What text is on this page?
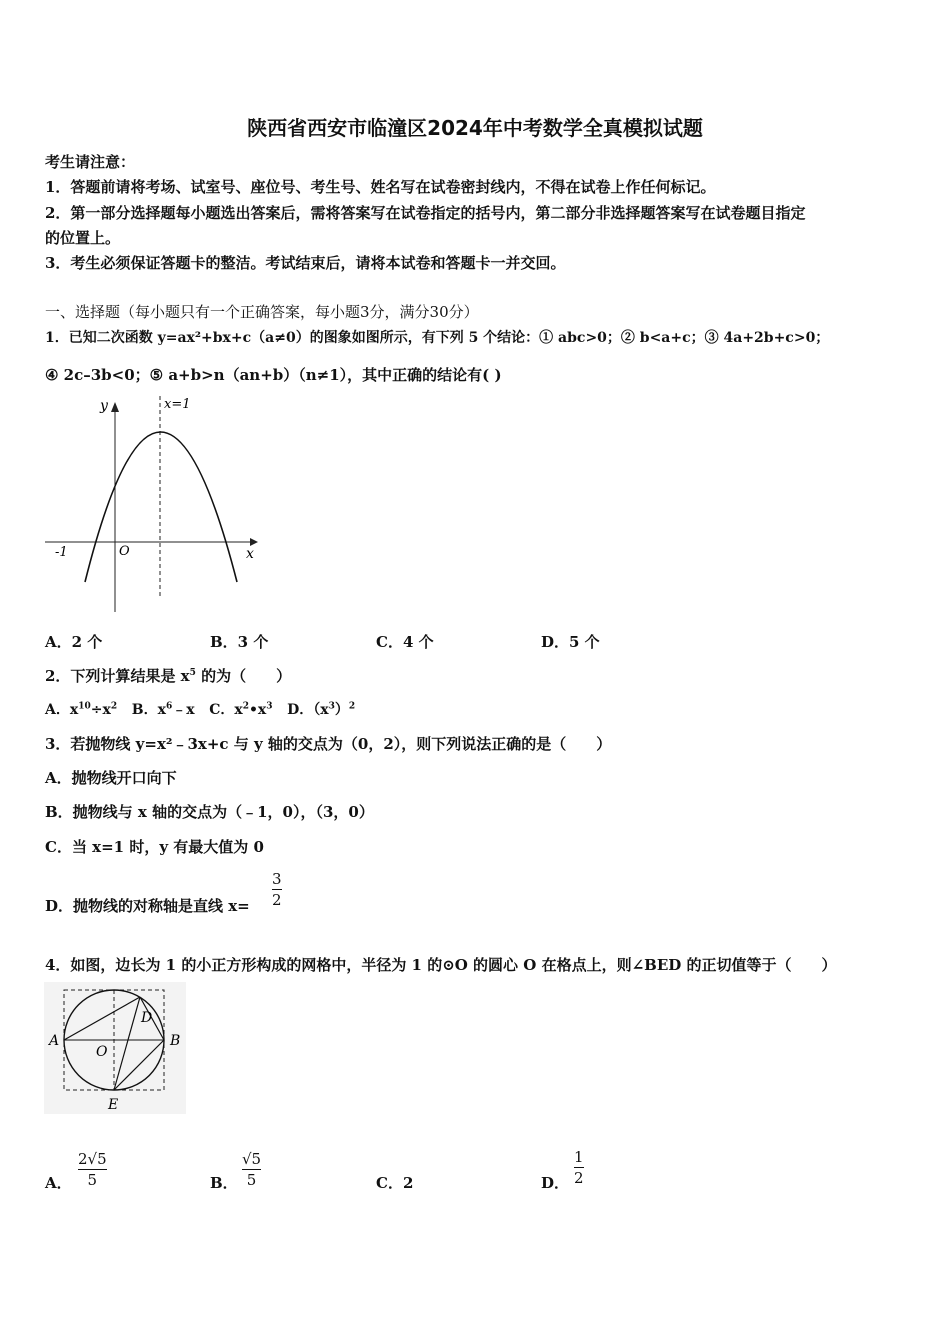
陕西省西安市临潼区2024年中考数学全真模拟试题
考生请注意：
1．答题前请将考场、试室号、座位号、考生号、姓名写在试卷密封线内，不得在试卷上作任何标记。
2．第一部分选择题每小题选出答案后，需将答案写在试卷指定的括号内，第二部分非选择题答案写在试卷题目指定
的位置上。
3．考生必须保证答题卡的整洁。考试结束后，请将本试卷和答题卡一并交回。
一、选择题（每小题只有一个正确答案，每小题3分，满分30分）
1．已知二次函数 y=ax²+bx+c（a≠0）的图象如图所示，有下列 5 个结论：① abc>0；② b<a+c；③ 4a+2b+c>0；
④ 2c–3b<0；⑤ a+b>n（an+b）（n≠1），其中正确的结论有( )
y	x=1
O
-1	x
A．2 个	B．3 个	C．4 个	D．5 个
2．下列计算结果是 $x^5$ 的为（　　）
A．$x^{10}\div x^2$ B．$x^6﹣x$ C．$x^2•x^3$ D．$(x^3)^2$
3．若抛物线 y=x²﹣3x+c 与 y 轴的交点为（0，2），则下列说法正确的是（　　）
A．抛物线开口向下
B．抛物线与 x 轴的交点为（﹣1，0），（3，0）
C．当 x=1 时，y 有最大值为 0
D．抛物线的对称轴是直线 x=
3
2
4．如图，边长为 1 的小正方形构成的网格中，半径为 1 的⊙O 的圆心 O 在格点上，则∠BED 的正切值等于（　　）
A	B
D
O
E
A．
2√5
5	B．
√5
5	C．2	D．
1
2
